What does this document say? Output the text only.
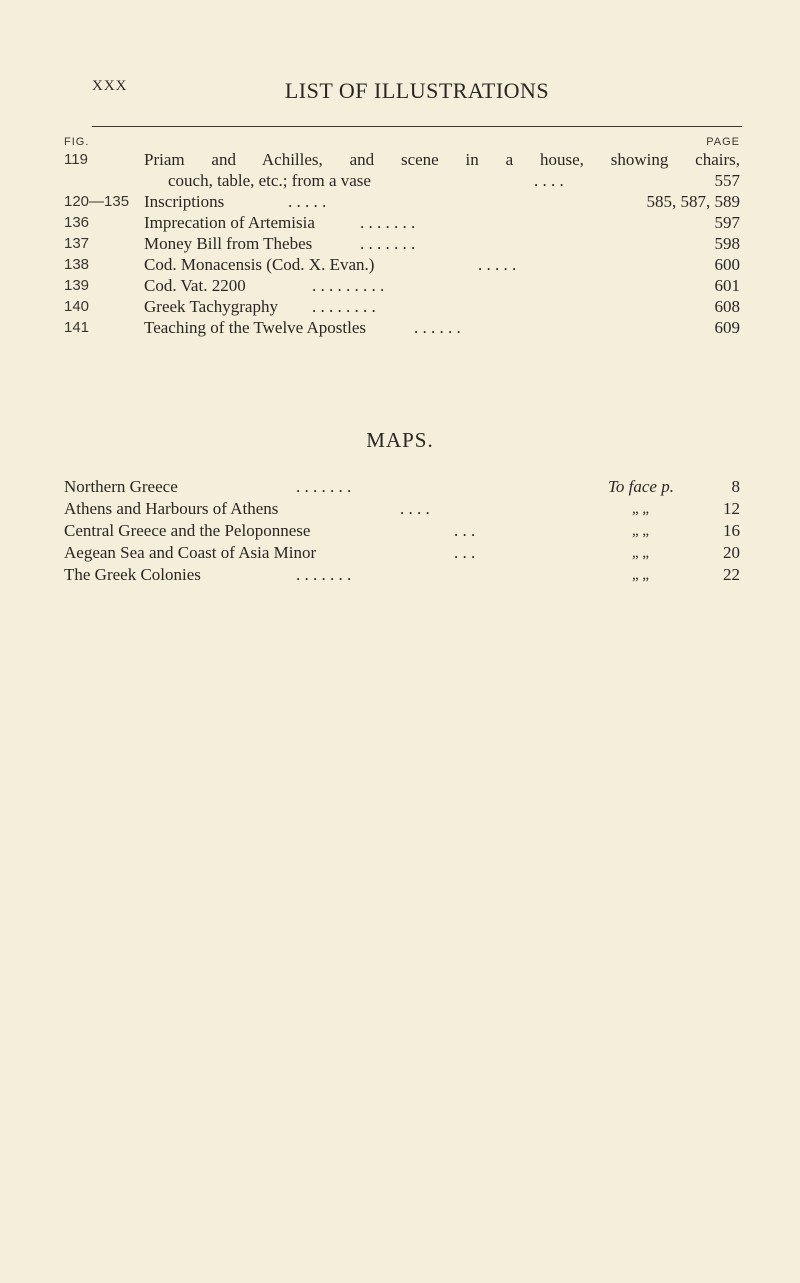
XXX	LIST OF ILLUSTRATIONS
FIG.	PAGE
119	Priam and Achilles, and scene in a house, showing chairs,
couch, table, etc.; from a vase	. . . .	557
120—135 Inscriptions	. . . . .	585, 587, 589
136	Imprecation of Artemisia	. . . . . . .	597
137	Money Bill from Thebes	. . . . . . .	598
138	Cod. Monacensis (Cod. X. Evan.)	. . . . .	600
139	Cod. Vat. 2200	. . . . . . . . .	601
140	Greek Tachygraphy . . . . . . . .	608
141	Teaching of the Twelve Apostles	. . . . . .	609
MAPS.
Northern Greece	. . . . . . .	To face p.	8
Athens and Harbours of Athens	. . . .	„ „	12
Central Greece and the Peloponnese	. . .	„ „	16
Aegean Sea and Coast of Asia Minor	. . .	„ „	20
The Greek Colonies	. . . . . . .	„ „	22
